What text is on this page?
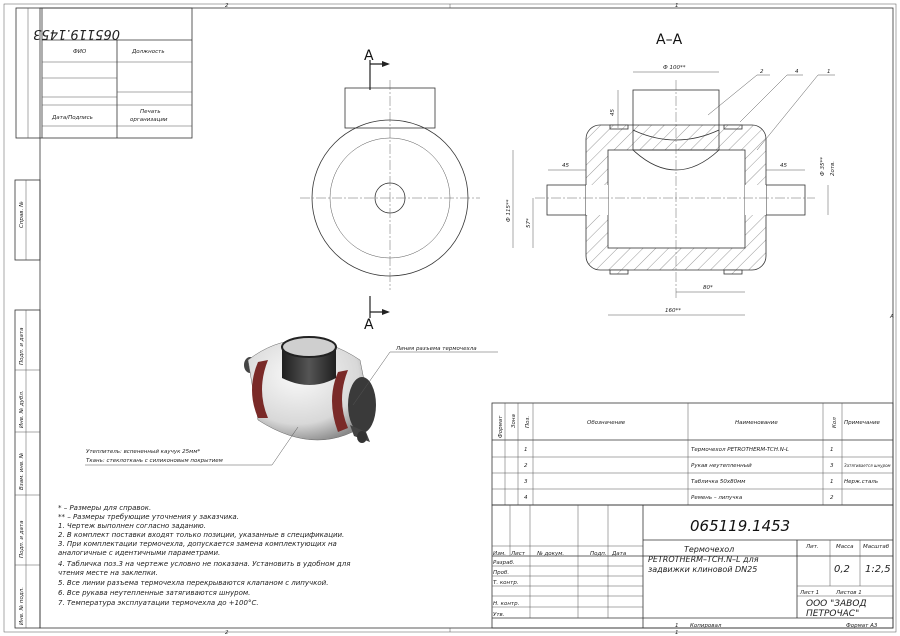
2	1
2	1
A
Справ. №
Подп. и дата
Инв. № дубл.
Взам. инв. №
Подп. и дата
Инв. № подл.
065119.1453
ФИО	Должность
Дата/Подпись
Печать
организации
A
A
А–А
Ф 100**
45
45	45	Ф 35** 2отв.
Ф 115**
57*
80*
160**
2	4	1
Линия разъема термочехла
Утеплитель: вспененный каучук 25мм*
Ткань: стеклоткань с силиконовым покрытием
* – Размеры для справок.
** – Размеры требующие уточнения у заказчика.
1. Чертеж выполнен согласно заданию.
2. В комплект поставки входят только позиции, указанные в спецификации.
3. При комплектации термочехла, допускается замена комплектующих на
аналогичные с идентичными параметрами.
4. Табличка поз.3 на чертеже условно не показана. Установить в удобном для
чтения месте на заклепки.
5. Все линии разъема термочехла перекрываются клапаном с липучкой.
6. Все рукава неутепленные затягиваются шнуром.
7. Температура эксплуатации термочехла до +100°С.
Формат Зона Поз.	Обозначение	Наименование	Кол Примечание
1	Термочехол PETROTHERM-TCH.N-L	1
2	Рукав неутепленный	3	Затягивается шнуром
3	Табличка 50х80мм	1 Нерж.сталь
4	Ремень – липучка	2
065119.1453
Термочехол
PETROTHERM–TCH.N–L для
задвижки клиновой DN25
Изм. Лист № докум.	Подп. Дата
Разраб.
Проб.
Т. контр.
Н. контр.
Утв.
Лит.	Масса Масштаб
0,2 1:2,5
Лист 1	Листов 1
ООО "ЗАВОД
ПЕТРОЧАС"
1 Копировал	Формат А3
